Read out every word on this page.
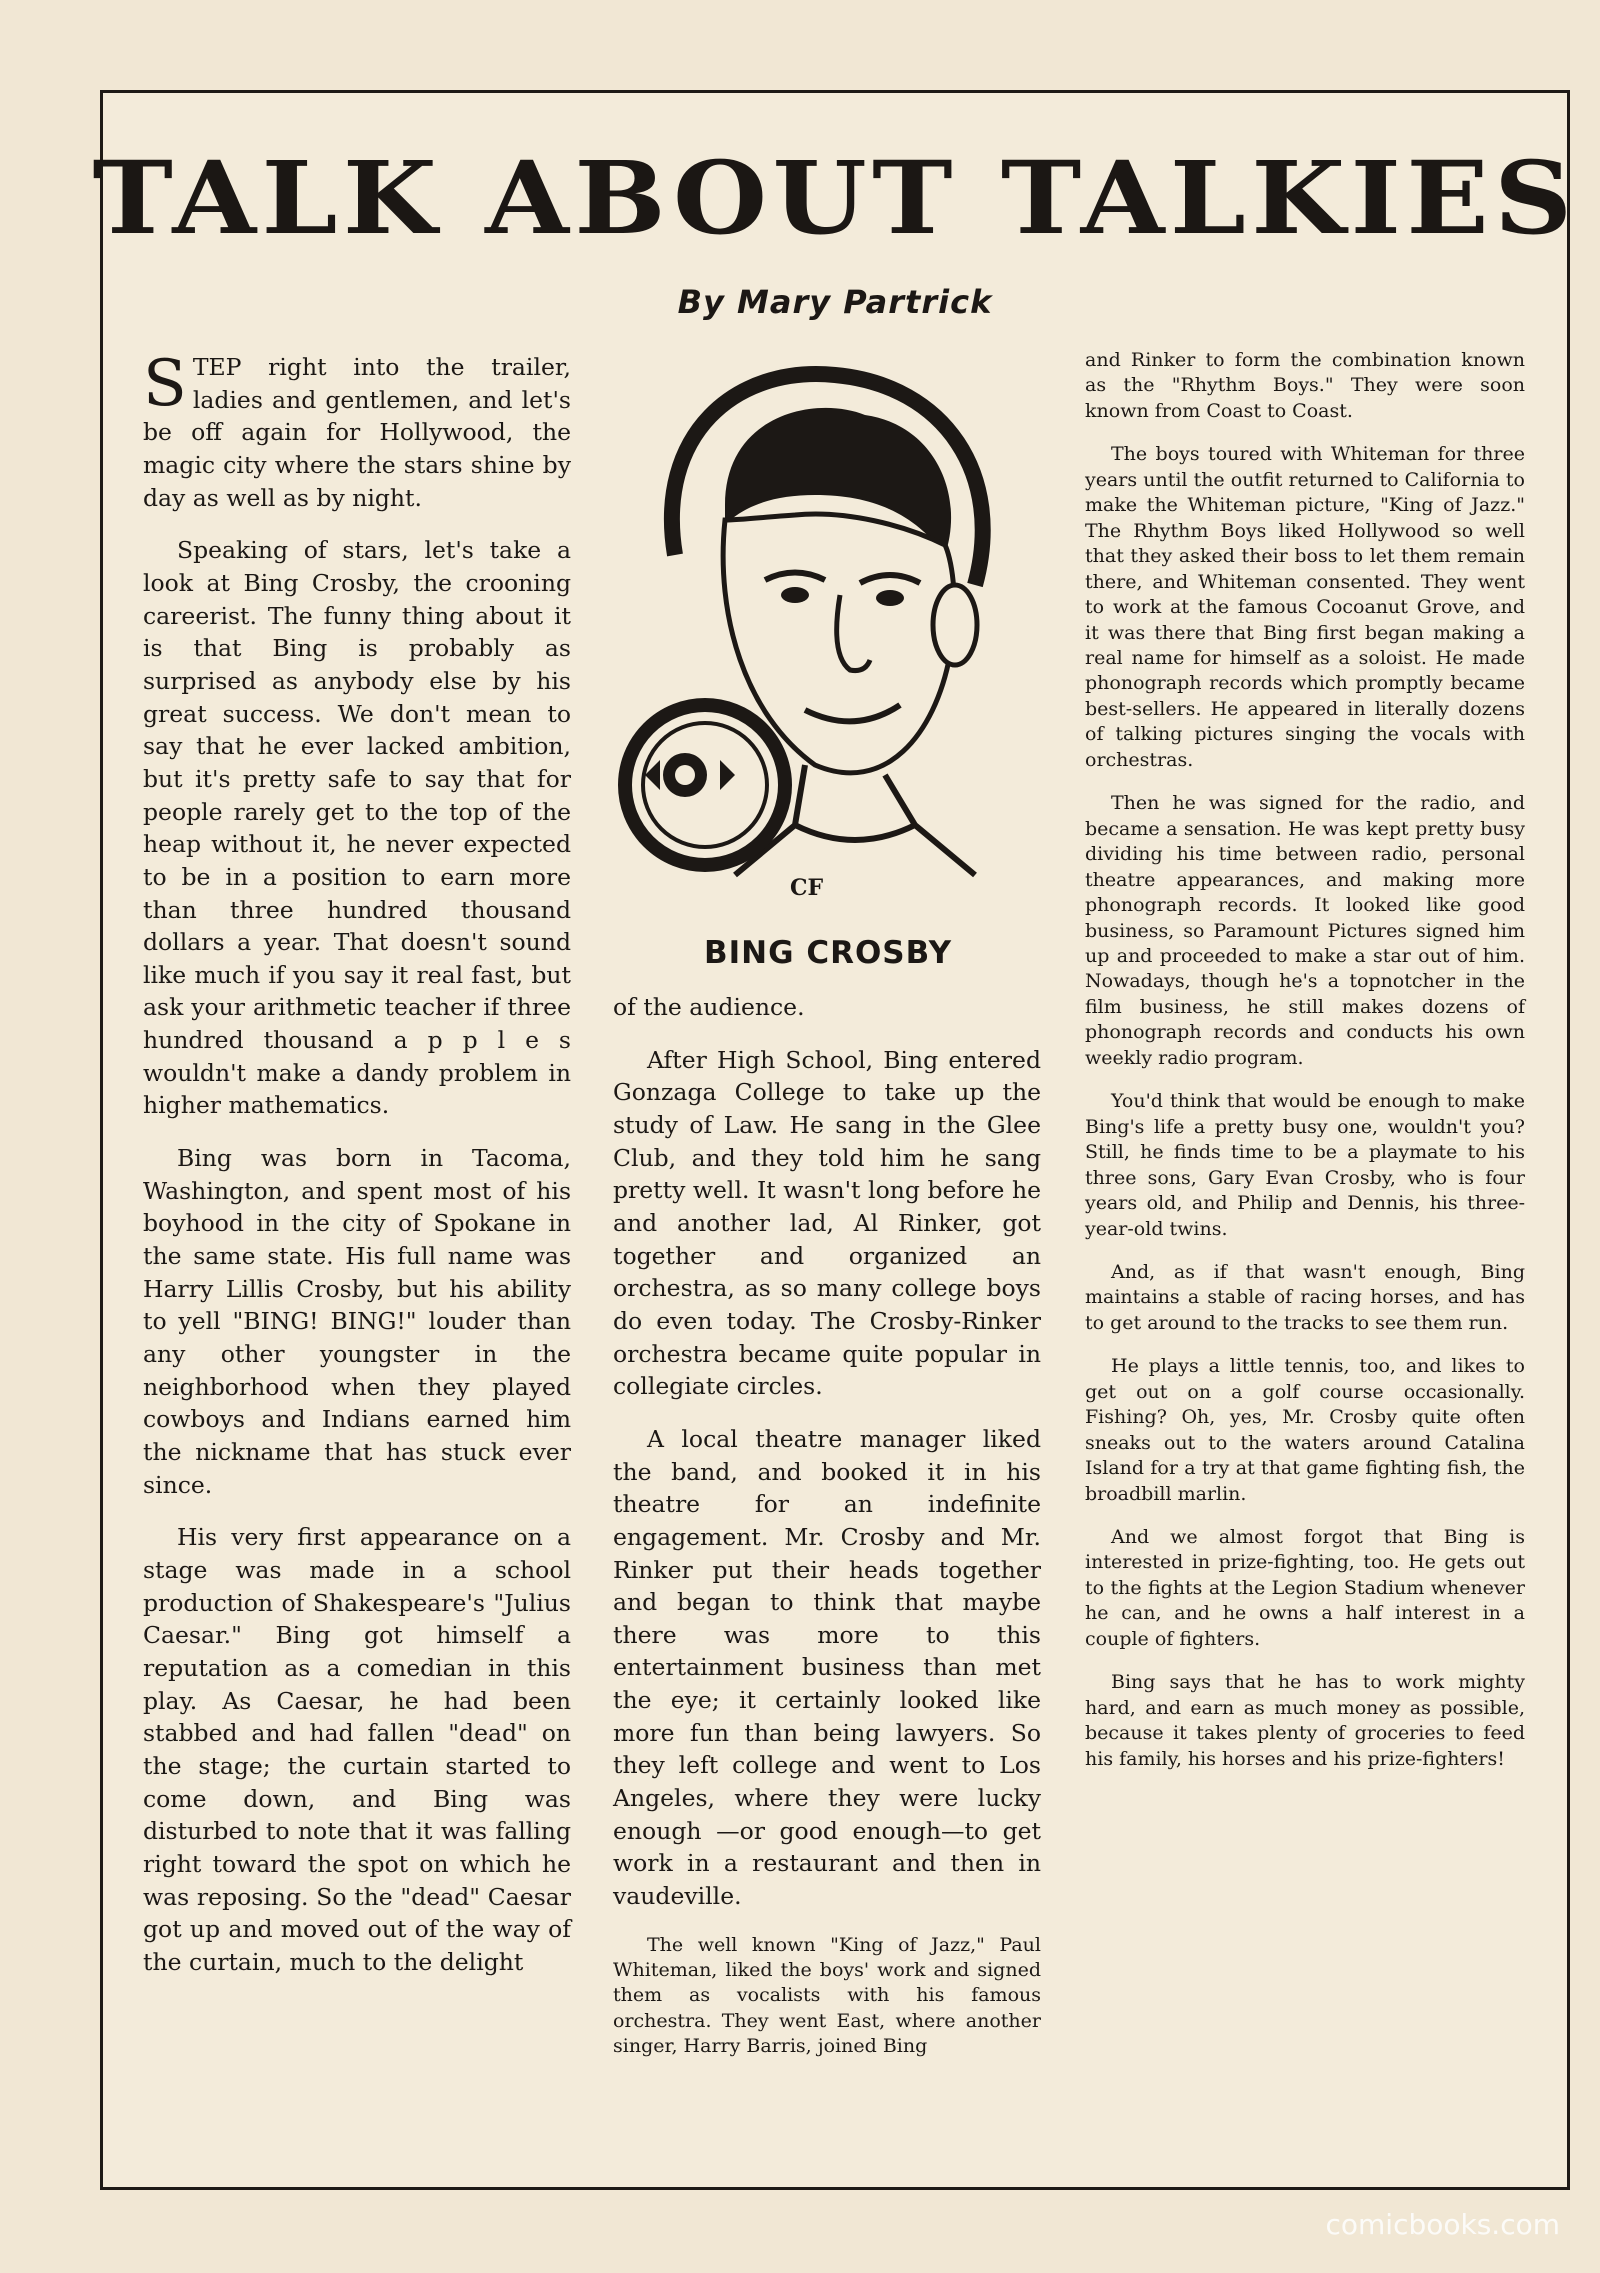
TALK ABOUT TALKIES
By Mary Partrick

STEP right into the trailer, ladies and gentlemen, and let's be off again for Hollywood, the magic city where the stars shine by day as well as by night.

Speaking of stars, let's take a look at Bing Crosby, the crooning careerist. The funny thing about it is that Bing is probably as surprised as anybody else by his great success. We don't mean to say that he ever lacked ambition, but it's pretty safe to say that for people rarely get to the top of the heap without it, he never expected to be in a position to earn more than three hundred thousand dollars a year. That doesn't sound like much if you say it real fast, but ask your arithmetic teacher if three hundred thousand a p p l e s wouldn't make a dandy problem in higher mathematics.

Bing was born in Tacoma, Washington, and spent most of his boyhood in the city of Spokane in the same state. His full name was Harry Lillis Crosby, but his ability to yell "BING! BING!" louder than any other youngster in the neighborhood when they played cowboys and Indians earned him the nickname that has stuck ever since.

His very first appearance on a stage was made in a school production of Shakespeare's "Julius Caesar." Bing got himself a reputation as a comedian in this play. As Caesar, he had been stabbed and had fallen "dead" on the stage; the curtain started to come down, and Bing was disturbed to note that it was falling right toward the spot on which he was reposing. So the "dead" Caesar got up and moved out of the way of the curtain, much to the delight

CF
BING CROSBY

of the audience.

After High School, Bing entered Gonzaga College to take up the study of Law. He sang in the Glee Club, and they told him he sang pretty well. It wasn't long before he and another lad, Al Rinker, got together and organized an orchestra, as so many college boys do even today. The Crosby-Rinker orchestra became quite popular in collegiate circles.

A local theatre manager liked the band, and booked it in his theatre for an indefinite engagement. Mr. Crosby and Mr. Rinker put their heads together and began to think that maybe there was more to this entertainment business than met the eye; it certainly looked like more fun than being lawyers. So they left college and went to Los Angeles, where they were lucky enough —or good enough—to get work in a restaurant and then in vaudeville.

The well known "King of Jazz," Paul Whiteman, liked the boys' work and signed them as vocalists with his famous orchestra. They went East, where another singer, Harry Barris, joined Bing

and Rinker to form the combination known as the "Rhythm Boys." They were soon known from Coast to Coast.

The boys toured with Whiteman for three years until the outfit returned to California to make the Whiteman picture, "King of Jazz." The Rhythm Boys liked Hollywood so well that they asked their boss to let them remain there, and Whiteman consented. They went to work at the famous Cocoanut Grove, and it was there that Bing first began making a real name for himself as a soloist. He made phonograph records which promptly became best-sellers. He appeared in literally dozens of talking pictures singing the vocals with orchestras.

Then he was signed for the radio, and became a sensation. He was kept pretty busy dividing his time between radio, personal theatre appearances, and making more phonograph records. It looked like good business, so Paramount Pictures signed him up and proceeded to make a star out of him. Nowadays, though he's a topnotcher in the film business, he still makes dozens of phonograph records and conducts his own weekly radio program.

You'd think that would be enough to make Bing's life a pretty busy one, wouldn't you? Still, he finds time to be a playmate to his three sons, Gary Evan Crosby, who is four years old, and Philip and Dennis, his three-year-old twins.

And, as if that wasn't enough, Bing maintains a stable of racing horses, and has to get around to the tracks to see them run.

He plays a little tennis, too, and likes to get out on a golf course occasionally. Fishing? Oh, yes, Mr. Crosby quite often sneaks out to the waters around Catalina Island for a try at that game fighting fish, the broadbill marlin.

And we almost forgot that Bing is interested in prize-fighting, too. He gets out to the fights at the Legion Stadium whenever he can, and he owns a half interest in a couple of fighters.

Bing says that he has to work mighty hard, and earn as much money as possible, because it takes plenty of groceries to feed his family, his horses and his prize-fighters!

comicbooks.com
